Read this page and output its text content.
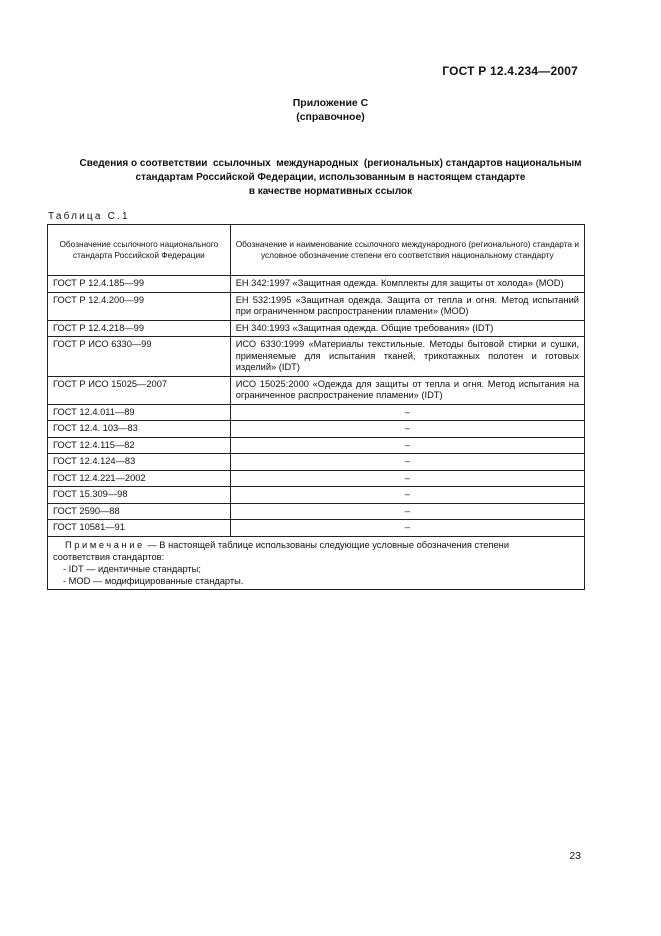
ГОСТ Р 12.4.234—2007
Приложение С
(справочное)
Сведения о соответствии  ссылочных  международных  (региональных) стандартов национальным
стандартам Российской Федерации, использованным в настоящем стандарте
в качестве нормативных ссылок
Таблица С.1
Обозначение ссылочного национального стандарта Российской Федерации	Обозначение и наименование ссылочного международного (регионального) стандарта и условное обозначение степени его соответствия национальному стандарту
ГОСТ Р 12.4.185—99	ЕН 342:1997 «Защитная одежда. Комплекты для защиты от холода» (MOD)
ГОСТ Р 12.4.200—99	ЕН 532:1995 «Защитная одежда. Защита от тепла и огня. Метод испытаний при ограниченном распространении пламени» (MOD)
ГОСТ Р 12.4.218—99	ЕН 340:1993 «Защитная одежда. Общие требования» (IDT)
ГОСТ Р ИСО 6330—99	ИСО 6330:1999 «Материалы текстильные. Методы бытовой стирки и сушки, применяемые для испытания тканей, трикотажных полотен и готовых изделий» (IDT)
ГОСТ Р ИСО 15025—2007	ИСО 15025:2000 «Одежда для защиты от тепла и огня. Метод испытания на ограниченное распространение пламени» (IDT)
ГОСТ 12.4.011—89	–
ГОСТ 12.4. 103—83	–
ГОСТ 12.4.115—82	–
ГОСТ 12.4.124—83	–
ГОСТ 12.4.221—2002	–
ГОСТ 15.309—98	–
ГОСТ 2590—88	–
ГОСТ 10581—91	–

Примечание — В настоящей таблице использованы следующие условные обозначения степени
соответствия стандартов:
- IDT — идентичные стандарты;
- MOD — модифицированные стандарты.	
23
